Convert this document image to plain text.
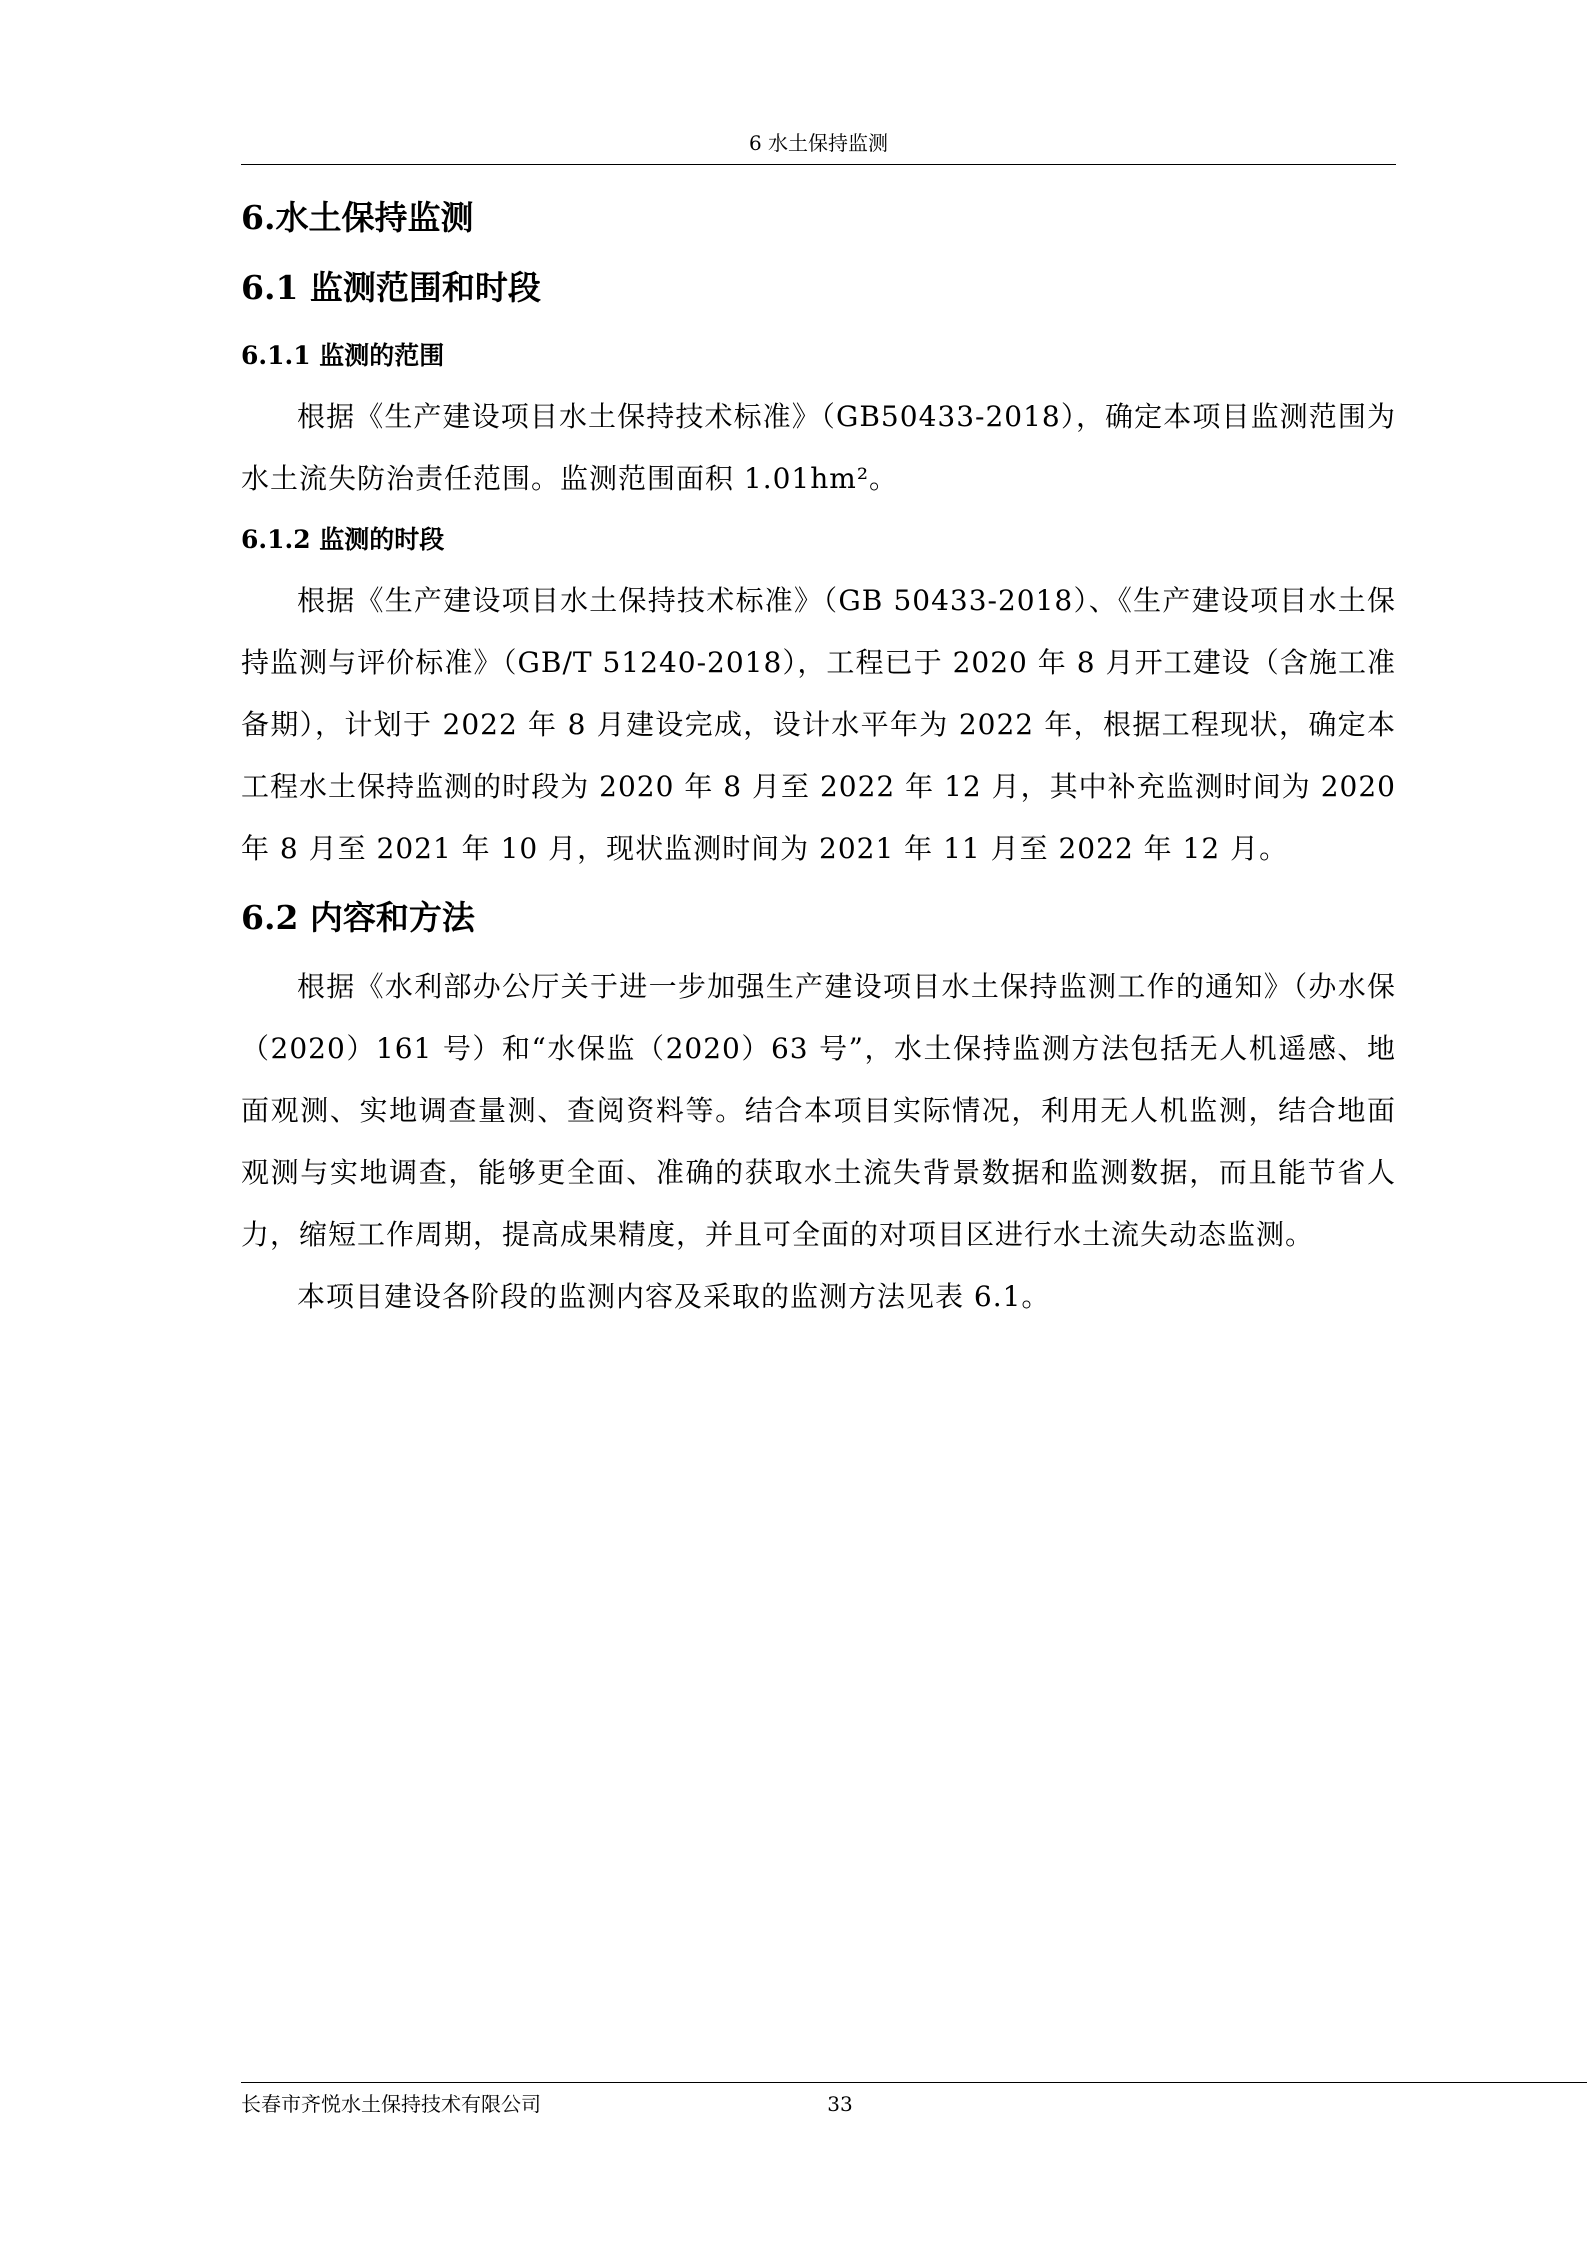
6 水土保持监测
6.水土保持监测
6.1 监测范围和时段
6.1.1 监测的范围

根据《生产建设项目水土保持技术标准》（GB50433-2018），确定本项目监测范围为水土流失防治责任范围。监测范围面积 1.01hm²。

6.1.2 监测的时段

根据《生产建设项目水土保持技术标准》（GB 50433-2018）、《生产建设项目水土保持监测与评价标准》（GB/T 51240-2018），工程已于 2020 年 8 月开工建设（含施工准备期），计划于 2022 年 8 月建设完成，设计水平年为 2022 年，根据工程现状，确定本工程水土保持监测的时段为 2020 年 8 月至 2022 年 12 月，其中补充监测时间为 2020 年 8 月至 2021 年 10 月，现状监测时间为 2021 年 11 月至 2022 年 12 月。

6.2 内容和方法

根据《水利部办公厅关于进一步加强生产建设项目水土保持监测工作的通知》（办水保（2020）161 号）和“水保监（2020）63 号”，水土保持监测方法包括无人机遥感、地面观测、实地调查量测、查阅资料等。结合本项目实际情况，利用无人机监测，结合地面观测与实地调查，能够更全面、准确的获取水土流失背景数据和监测数据，而且能节省人力，缩短工作周期，提高成果精度，并且可全面的对项目区进行水土流失动态监测。

本项目建设各阶段的监测内容及采取的监测方法见表 6.1。

长春市齐悦水土保持技术有限公司	33
